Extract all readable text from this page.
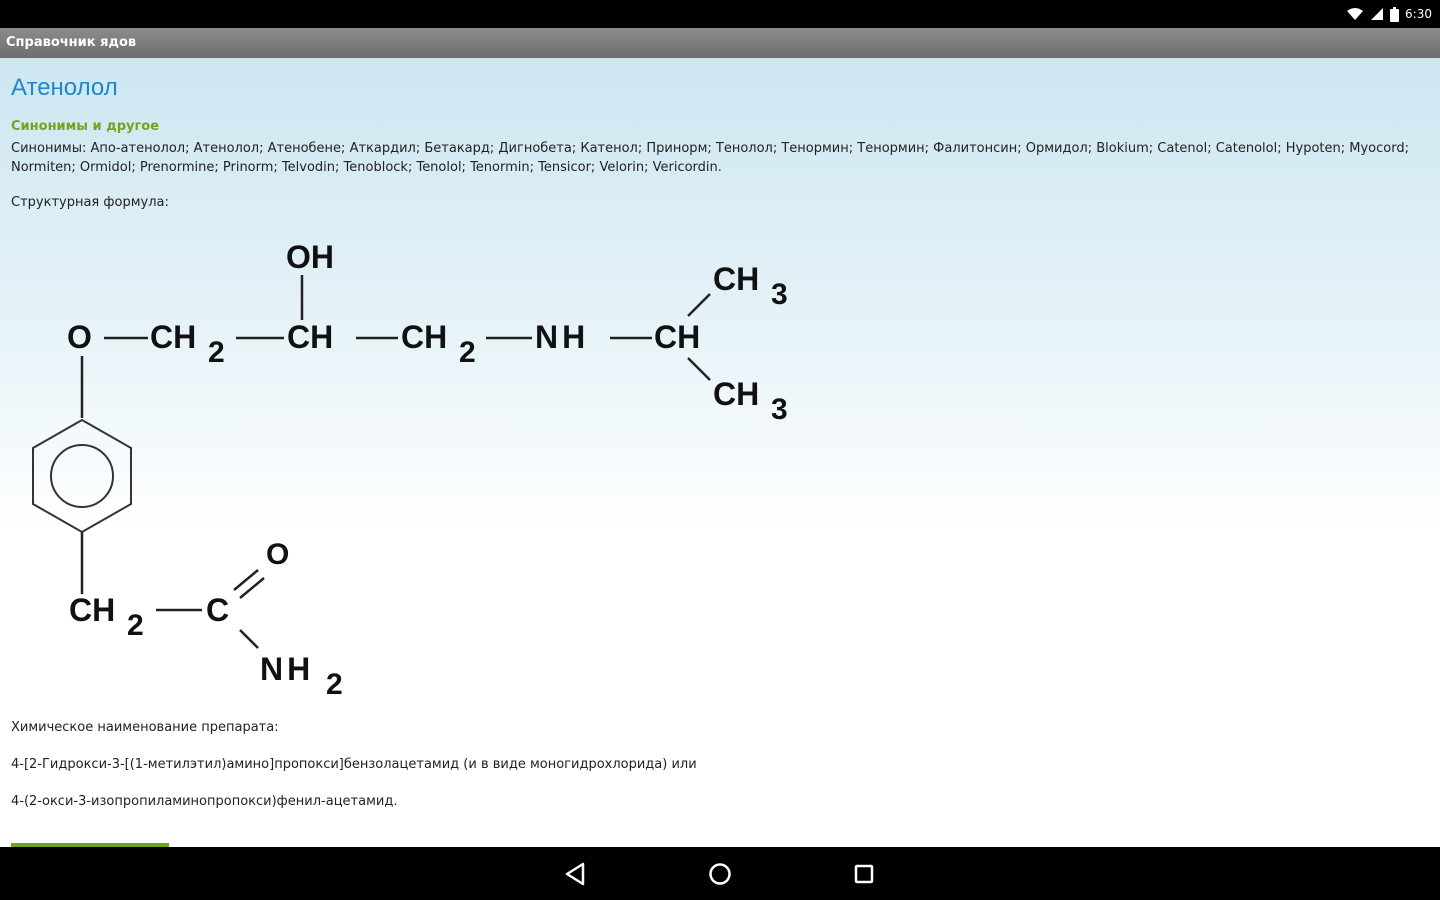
6:30
Справочник ядов
Атенолол
Синонимы и другое
Синонимы: Апо-атенолол; Атенолол; Атенобене; Аткардил; Бетакард; Дигнобета; Катенол; Принорм; Тенолол; Тенормин; Тенормин; Фалитонсин; Ормидол; Blokium; Catenol; Catenolol; Hypoten; Myocord; Normiten; Ormidol; Prenormine; Prinorm; Telvodin; Tenoblock; Tenolol; Tenormin; Tensicor; Velorin; Vericordin.
Структурная формула:
OH
O CH 2 CH CH 2 NH CH
CH 3
CH 3
CH 2 C
O
NH 2
Химическое наименование препарата:
4-[2-Гидрокси-3-[(1-метилэтил)амино]пропокси]бензолацетамид (и в виде моногидрохлорида) или
4-(2-окси-3-изопропиламинопропокси)фенил-ацетамид.
